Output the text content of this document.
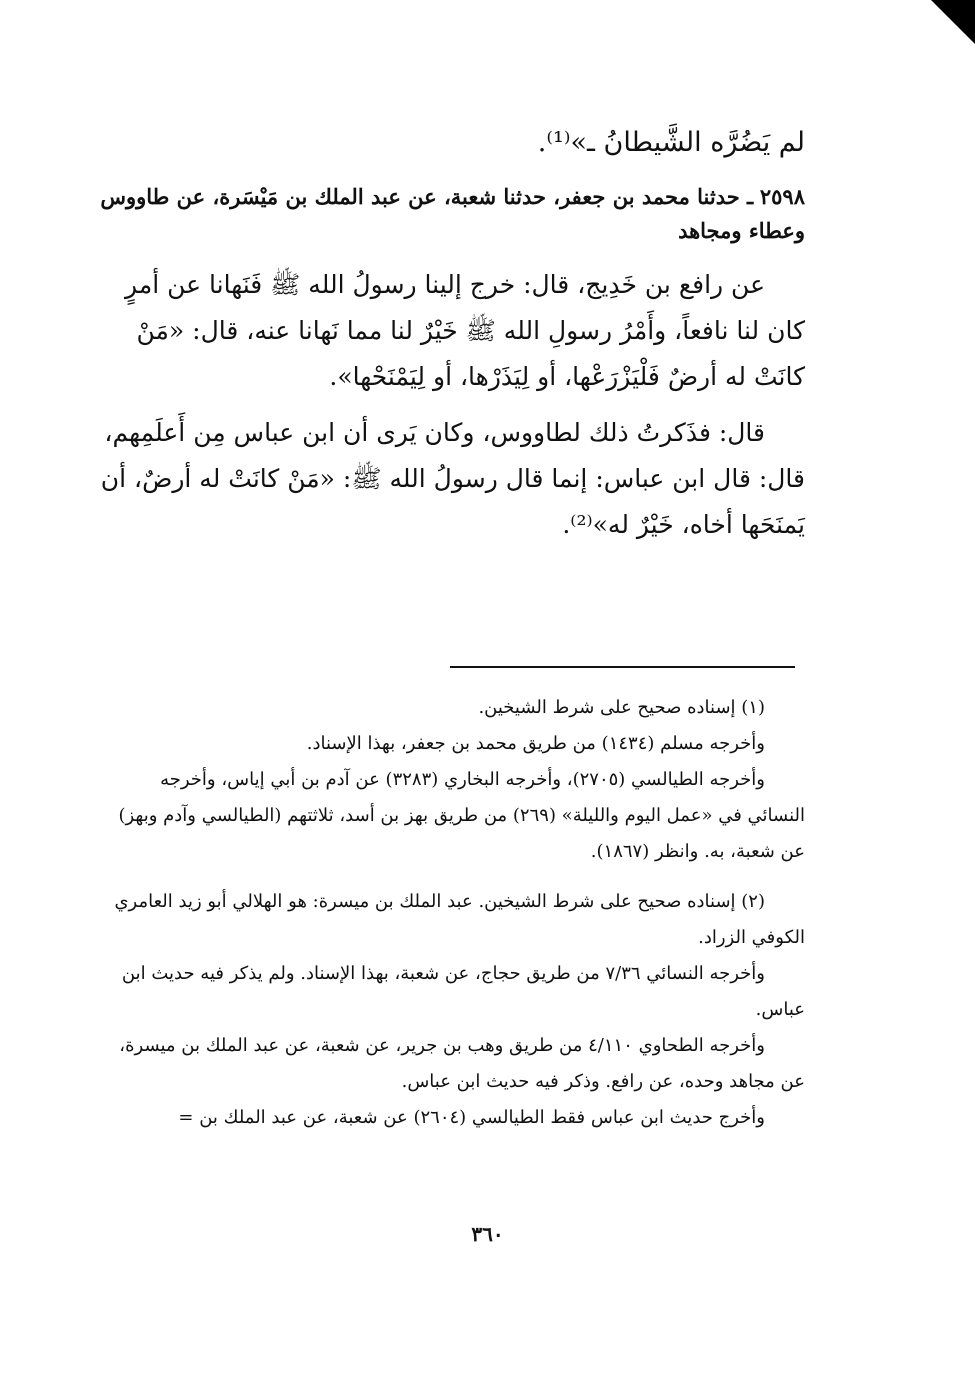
لم يَضُرَّه الشَّيطانُ ـ»⁽¹⁾.

٢٥٩٨ ـ حدثنا محمد بن جعفر، حدثنا شعبة، عن عبد الملك بن مَيْسَرة، عن طاووس وعطاء ومجاهد

عن رافع بن خَدِيج، قال: خرج إلينا رسولُ الله ﷺ فَنَهانا عن أمرٍ كان لنا نافعاً، وأَمْرُ رسولِ الله ﷺ خَيْرٌ لنا مما نَهانا عنه، قال: «مَنْ كانَتْ له أرضٌ فَلْيَزْرَعْها، أو لِيَذَرْها، أو لِيَمْنَحْها».

قال: فذَكرتُ ذلك لطاووس، وكان يَرى أن ابن عباس مِن أَعلَمِهم، قال: قال ابن عباس: إنما قال رسولُ الله ﷺ: «مَنْ كانَتْ له أرضٌ، أن يَمنَحَها أخاه، خَيْرٌ له»⁽²⁾.

(١) إسناده صحيح على شرط الشيخين.

وأخرجه مسلم (١٤٣٤) من طريق محمد بن جعفر، بهذا الإسناد.

وأخرجه الطيالسي (٢٧٠٥)، وأخرجه البخاري (٣٢٨٣) عن آدم بن أبي إياس، وأخرجه النسائي في «عمل اليوم والليلة» (٢٦٩) من طريق بهز بن أسد، ثلاثتهم (الطيالسي وآدم وبهز) عن شعبة، به. وانظر (١٨٦٧).

(٢) إسناده صحيح على شرط الشيخين. عبد الملك بن ميسرة: هو الهلالي أبو زيد العامري الكوفي الزراد.

وأخرجه النسائي ٧/٣٦ من طريق حجاج، عن شعبة، بهذا الإسناد. ولم يذكر فيه حديث ابن عباس.

وأخرجه الطحاوي ٤/١١٠ من طريق وهب بن جرير، عن شعبة، عن عبد الملك بن ميسرة، عن مجاهد وحده، عن رافع. وذكر فيه حديث ابن عباس.

وأخرج حديث ابن عباس فقط الطيالسي (٢٦٠٤) عن شعبة، عن عبد الملك بن =

٣٦٠
